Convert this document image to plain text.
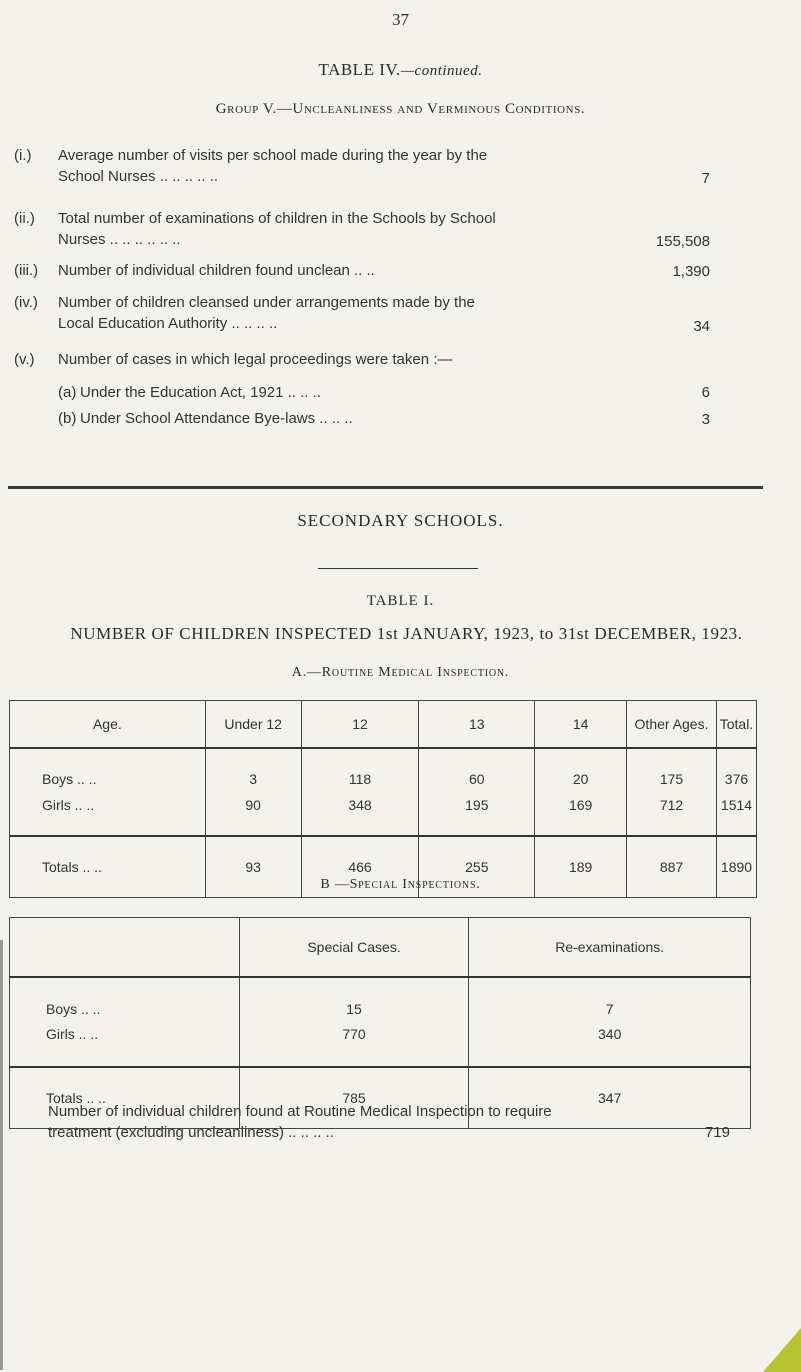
37
TABLE IV.—continued.
Group V.—Uncleanliness and Verminous Conditions.
(i.) Average number of visits per school made during the year by the
School Nurses .. .. .. .. ..	7
(ii.) Total number of examinations of children in the Schools by School
Nurses .. .. .. .. .. ..	155,508
(iii.) Number of individual children found unclean .. ..	1,390
(iv.) Number of children cleansed under arrangements made by the
Local Education Authority .. .. .. ..	34
(v.) Number of cases in which legal proceedings were taken :—
(a) Under the Education Act, 1921 .. .. ..	6
(b) Under School Attendance Bye-laws .. .. ..	3
SECONDARY SCHOOLS.
TABLE I.
NUMBER OF CHILDREN INSPECTED 1st JANUARY, 1923, to 31st DECEMBER, 1923.
A.—Routine Medical Inspection.
Age.	Under 12	12	13	14	Other Ages.	Total.
Boys .. ..	3	118	60	20	175	376
Girls .. ..	90	348	195	169	712	1514
Totals .. ..	93	466	255	189	887	1890
B —Special Inspections.
	Special Cases.	Re-examinations.
Boys .. ..	15	7
Girls .. ..	770	340
Totals .. ..	785	347
Number of individual children found at Routine Medical Inspection to require
treatment (excluding uncleanliness) .. .. .. ..	719
